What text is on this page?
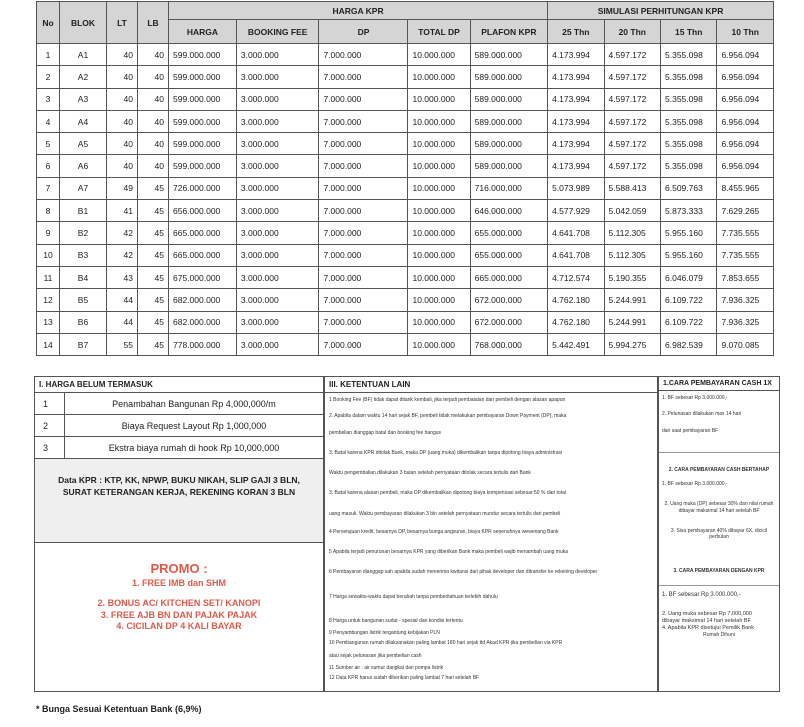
No	BLOK	LT	LB	HARGA KPR					SIMULASI PERHITUNGAN KPR			
				HARGA	BOOKING FEE	DP	TOTAL DP	PLAFON KPR	25 Thn	20 Thn	15 Thn	10 Thn
1	A1	40	40	599.000.000	3.000.000	7.000.000	10.000.000	589.000.000	4.173.994	4.597.172	5.355.098	6.956.094
2	A2	40	40	599.000.000	3.000.000	7.000.000	10.000.000	589.000.000	4.173.994	4.597.172	5.355.098	6.956.094
3	A3	40	40	599.000.000	3.000.000	7.000.000	10.000.000	589.000.000	4.173.994	4.597.172	5.355.098	6.956.094
4	A4	40	40	599.000.000	3.000.000	7.000.000	10.000.000	589.000.000	4.173.994	4.597.172	5.355.098	6.956.094
5	A5	40	40	599.000.000	3.000.000	7.000.000	10.000.000	589.000.000	4.173.994	4.597.172	5.355.098	6.956.094
6	A6	40	40	599.000.000	3.000.000	7.000.000	10.000.000	589.000.000	4.173.994	4.597.172	5.355.098	6.956.094
7	A7	49	45	726.000.000	3.000.000	7.000.000	10.000.000	716.000.000	5.073.989	5.588.413	6.509.763	8.455.965
8	B1	41	45	656.000.000	3.000.000	7.000.000	10.000.000	646.000.000	4.577.929	5.042.059	5.873.333	7.629.265
9	B2	42	45	665.000.000	3.000.000	7.000.000	10.000.000	655.000.000	4.641.708	5.112.305	5.955.160	7.735.555
10	B3	42	45	665.000.000	3.000.000	7.000.000	10.000.000	655.000.000	4.641.708	5.112.305	5.955.160	7.735.555
11	B4	43	45	675.000.000	3.000.000	7.000.000	10.000.000	665.000.000	4.712.574	5.190.355	6.046.079	7.853.655
12	B5	44	45	682.000.000	3.000.000	7.000.000	10.000.000	672.000.000	4.762.180	5.244.991	6.109.722	7.936.325
13	B6	44	45	682.000.000	3.000.000	7.000.000	10.000.000	672.000.000	4.762.180	5.244.991	6.109.722	7.936.325
14	B7	55	45	778.000.000	3.000.000	7.000.000	10.000.000	768.000.000	5.442.491	5.994.275	6.982.539	9.070.085
I. HARGA BELUM TERMASUK
1	Penambahan Bangunan Rp 4,000,000/m
2	Biaya Request Layout Rp 1,000,000
3	Ekstra biaya rumah di hook Rp 10,000,000
Data KPR : KTP, KK, NPWP, BUKU NIKAH, SLIP GAJI 3 BLN, SURAT KETERANGAN KERJA, REKENING KORAN 3 BLN
PROMO :
1. FREE IMB dan SHM
2. BONUS AC/ KITCHEN SET/ KANOPI
3. FREE AJB BN DAN PAJAK PAJAK
4. CICILAN DP 4 KALI BAYAR
III. KETENTUAN LAIN
1 Booking Fee (BF) tidak dapat ditarik kembali, jika terjadi pembatalan dari pembeli dengan alasan apapun
2. Apabila dalam waktu 14 hari sejak BF, pembeli tidak melakukan pembayaran Down Payment (DP), maka
pembelian dianggap batal dan booking fee hangus
3. Batal karena KPR ditolak Bank, maka DP (uang muka) dikembalikan tanpa dipotong biaya administrasi
Waktu pengembalian dilakukan 3 bulan setelah pernyataan ditolak secara tertulis dari Bank
3. Batal karena alasan pembeli, maka DP dikembalikan dipotong biaya kompensasi sebesar 50 % dari total
uang masuk. Waktu pembayaran dilakukan 3 bln setelah pernyataan mundur secara tertulis dari pembeli
4 Persetujuan kredit, besarnya DP, besarnya bunga angsuran, biaya KPR sepenuhnya wewenang Bank
5 Apabila terjadi penurunan besarnya KPR yang diberikan Bank maka pembeli wajib menambah uang muka
6 Pembayaran dianggap sah apabila sudah menerima kwitansi dari pihak developer dan ditransfer ke rekening developer
7 Harga sewaktu-waktu dapat berubah tanpa pemberitahuan terlebih dahulu
8 Harga untuk bangunan sudut - spesial dan kondisi tertentu
9 Penyambungan listrik tergantung kebijakan PLN
10 Pembangunan rumah dilaksanakan paling lambat 180 hari sejak ttd Akad KPR jika pembelian via KPR
atau sejak pelunasan jika pembelian cash
11 Sumber air : air sumur dangkal dan pompa listrik
12 Data KPR harus sudah diberikan paling lambat 7 hari setelah BF
1.CARA PEMBAYARAN CASH 1X
1. BF sebesar Rp 3.000.000,-
2. Pelunasan dilakukan max 14 hari
dari saat pembayaran BF
2. CARA PEMBAYARAN CASH BERTAHAP
1. BF sebesar Rp 3.000.000,-
2. Uang muka (DP) sebesar 30% dari nilai rumah dibayar maksimal 14 hari setelah BF
3. Sisa pembayaran 40% dibayar 6X, dicicil perbulan
3. CARA PEMBAYARAN DENGAN KPR
1. BF sebesar Rp 3.000.000,-
2. Uang muka sebesar Rp 7,000,000
dibayar maksimal 14 hari setelah BF
4. Apabila KPR disetujui Pemilik Bank
Rumah Dihuni
* Bunga Sesuai Ketentuan Bank (6,9%)
